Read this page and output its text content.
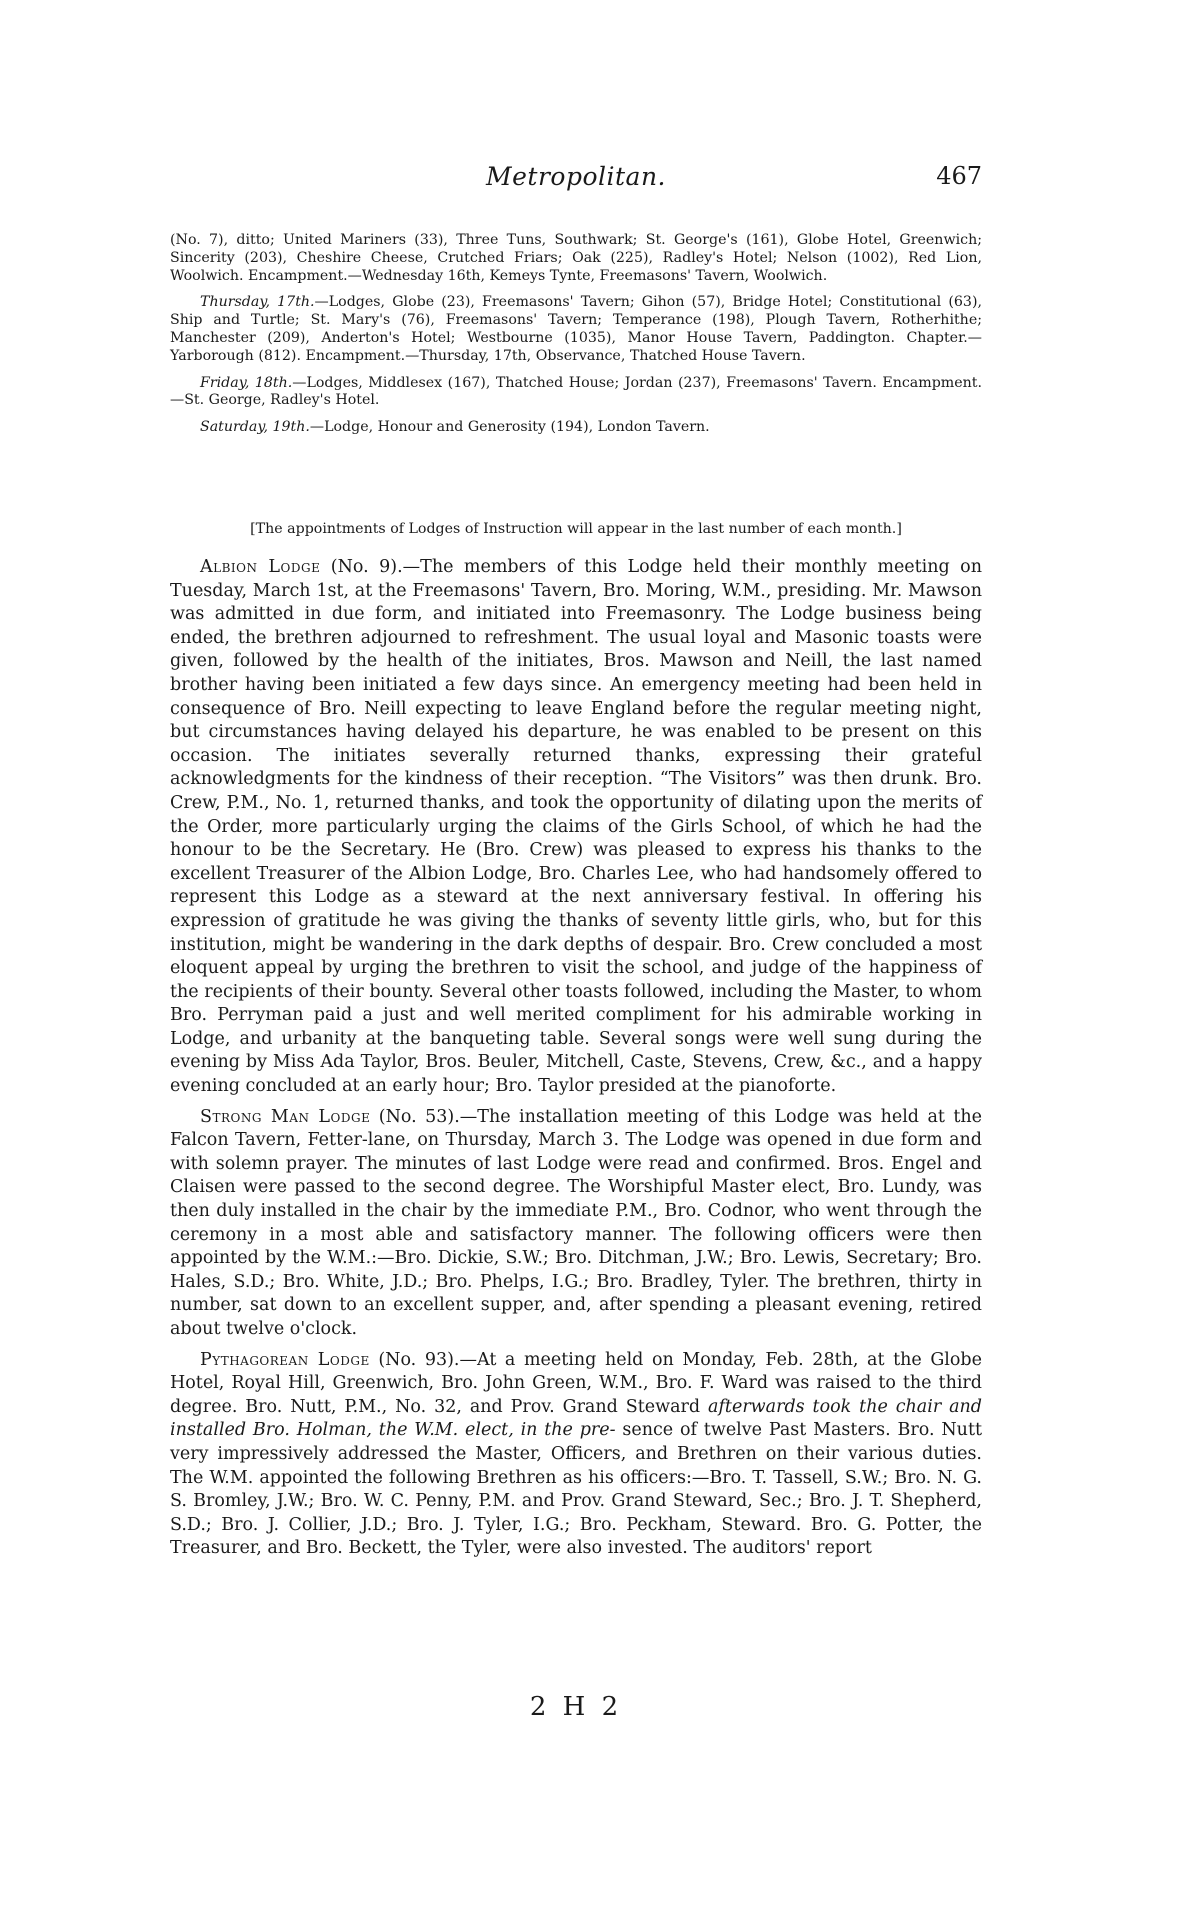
Metropolitan.	467

(No. 7), ditto; United Mariners (33), Three Tuns, Southwark; St. George's (161), Globe Hotel, Greenwich; Sincerity (203), Cheshire Cheese, Crutched Friars; Oak (225), Radley's Hotel; Nelson (1002), Red Lion, Woolwich. Encampment.—Wednesday 16th, Kemeys Tynte, Freemasons' Tavern, Woolwich.

Thursday, 17th.—Lodges, Globe (23), Freemasons' Tavern; Gihon (57), Bridge Hotel; Constitutional (63), Ship and Turtle; St. Mary's (76), Freemasons' Tavern; Temperance (198), Plough Tavern, Rotherhithe; Manchester (209), Anderton's Hotel; Westbourne (1035), Manor House Tavern, Paddington. Chapter.—Yarborough (812). Encampment.—Thursday, 17th, Observance, Thatched House Tavern.

Friday, 18th.—Lodges, Middlesex (167), Thatched House; Jordan (237), Freemasons' Tavern. Encampment.—St. George, Radley's Hotel.

Saturday, 19th.—Lodge, Honour and Generosity (194), London Tavern.

[The appointments of Lodges of Instruction will appear in the last number of each month.]

Albion Lodge (No. 9).—The members of this Lodge held their monthly meeting on Tuesday, March 1st, at the Freemasons' Tavern, Bro. Moring, W.M., presiding. Mr. Mawson was admitted in due form, and initiated into Freemasonry. The Lodge business being ended, the brethren adjourned to refreshment. The usual loyal and Masonic toasts were given, followed by the health of the initiates, Bros. Mawson and Neill, the last named brother having been initiated a few days since. An emergency meeting had been held in consequence of Bro. Neill expecting to leave England before the regular meeting night, but circumstances having delayed his departure, he was enabled to be present on this occasion. The initiates severally returned thanks, expressing their grateful acknowledgments for the kindness of their reception. “The Visitors” was then drunk. Bro. Crew, P.M., No. 1, returned thanks, and took the opportunity of dilating upon the merits of the Order, more particularly urging the claims of the Girls School, of which he had the honour to be the Secretary. He (Bro. Crew) was pleased to express his thanks to the excellent Treasurer of the Albion Lodge, Bro. Charles Lee, who had handsomely offered to represent this Lodge as a steward at the next anniversary festival. In offering his expression of gratitude he was giving the thanks of seventy little girls, who, but for this institution, might be wandering in the dark depths of despair. Bro. Crew concluded a most eloquent appeal by urging the brethren to visit the school, and judge of the happiness of the recipients of their bounty. Several other toasts followed, including the Master, to whom Bro. Perryman paid a just and well merited compliment for his admirable working in Lodge, and urbanity at the banqueting table. Several songs were well sung during the evening by Miss Ada Taylor, Bros. Beuler, Mitchell, Caste, Stevens, Crew, &c., and a happy evening concluded at an early hour; Bro. Taylor presided at the pianoforte.

Strong Man Lodge (No. 53).—The installation meeting of this Lodge was held at the Falcon Tavern, Fetter-lane, on Thursday, March 3. The Lodge was opened in due form and with solemn prayer. The minutes of last Lodge were read and confirmed. Bros. Engel and Claisen were passed to the second degree. The Worshipful Master elect, Bro. Lundy, was then duly installed in the chair by the immediate P.M., Bro. Codnor, who went through the ceremony in a most able and satisfactory manner. The following officers were then appointed by the W.M.:—Bro. Dickie, S.W.; Bro. Ditchman, J.W.; Bro. Lewis, Secretary; Bro. Hales, S.D.; Bro. White, J.D.; Bro. Phelps, I.G.; Bro. Bradley, Tyler. The brethren, thirty in number, sat down to an excellent supper, and, after spending a pleasant evening, retired about twelve o'clock.

Pythagorean Lodge (No. 93).—At a meeting held on Monday, Feb. 28th, at the Globe Hotel, Royal Hill, Greenwich, Bro. John Green, W.M., Bro. F. Ward was raised to the third degree. Bro. Nutt, P.M., No. 32, and Prov. Grand Steward afterwards took the chair and installed Bro. Holman, the W.M. elect, in the pre- sence of twelve Past Masters. Bro. Nutt very impressively addressed the Master, Officers, and Brethren on their various duties. The W.M. appointed the following Brethren as his officers:—Bro. T. Tassell, S.W.; Bro. N. G. S. Bromley, J.W.; Bro. W. C. Penny, P.M. and Prov. Grand Steward, Sec.; Bro. J. T. Shepherd, S.D.; Bro. J. Collier, J.D.; Bro. J. Tyler, I.G.; Bro. Peckham, Steward. Bro. G. Potter, the Treasurer, and Bro. Beckett, the Tyler, were also invested. The auditors' report

2 H 2
